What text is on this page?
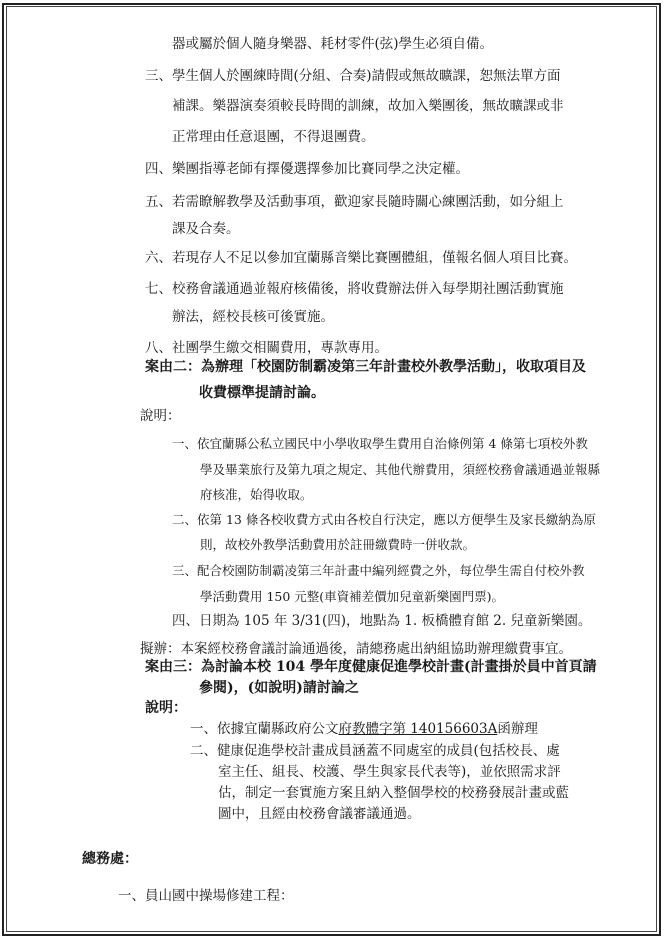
器或屬於個人隨身樂器、耗材零件(弦)學生必須自備。
三、學生個人於團練時間(分組、合奏)請假或無故曠課，恕無法單方面
補課。樂器演奏須較長時間的訓練，故加入樂團後，無故曠課或非
正常理由任意退團，不得退團費。
四、樂團指導老師有擇優選擇參加比賽同學之決定權。
五、若需瞭解教學及活動事項，歡迎家長隨時關心練團活動，如分組上
課及合奏。
六、若現存人不足以參加宜蘭縣音樂比賽團體組，僅報名個人項目比賽。
七、校務會議通過並報府核備後，將收費辦法併入每學期社團活動實施
辦法，經校長核可後實施。
八、社團學生繳交相關費用，專款專用。
案由二：為辦理「校園防制霸凌第三年計畫校外教學活動」，收取項目及
收費標準提請討論。
說明：
一、依宜蘭縣公私立國民中小學收取學生費用自治條例第 4 條第七項校外教
學及畢業旅行及第九項之規定、其他代辦費用，須經校務會議通過並報縣
府核准，始得收取。
二、依第 13 條各校收費方式由各校自行決定，應以方便學生及家長繳納為原
則，故校外教學活動費用於註冊繳費時一併收款。
三、配合校園防制霸凌第三年計畫中編列經費之外，每位學生需自付校外教
學活動費用 150 元整(車資補差價加兒童新樂園門票)。
四、日期為 105 年 3/31(四)，地點為 1. 板橋體育館 2. 兒童新樂園。
擬辦：本案經校務會議討論通過後，請總務處出納組協助辦理繳費事宜。
案由三：為討論本校 104 學年度健康促進學校計畫(計畫掛於員中首頁請
參閱)，(如說明)請討論之
說明：
一、依據宜蘭縣政府公文府教體字第 140156603A函辦理
二、健康促進學校計畫成員涵蓋不同處室的成員(包括校長、處
室主任、組長、校護、學生與家長代表等)，並依照需求評
估，制定一套實施方案且納入整個學校的校務發展計畫或藍
圖中，且經由校務會議審議通過。
總務處：
一、員山國中操場修建工程：
